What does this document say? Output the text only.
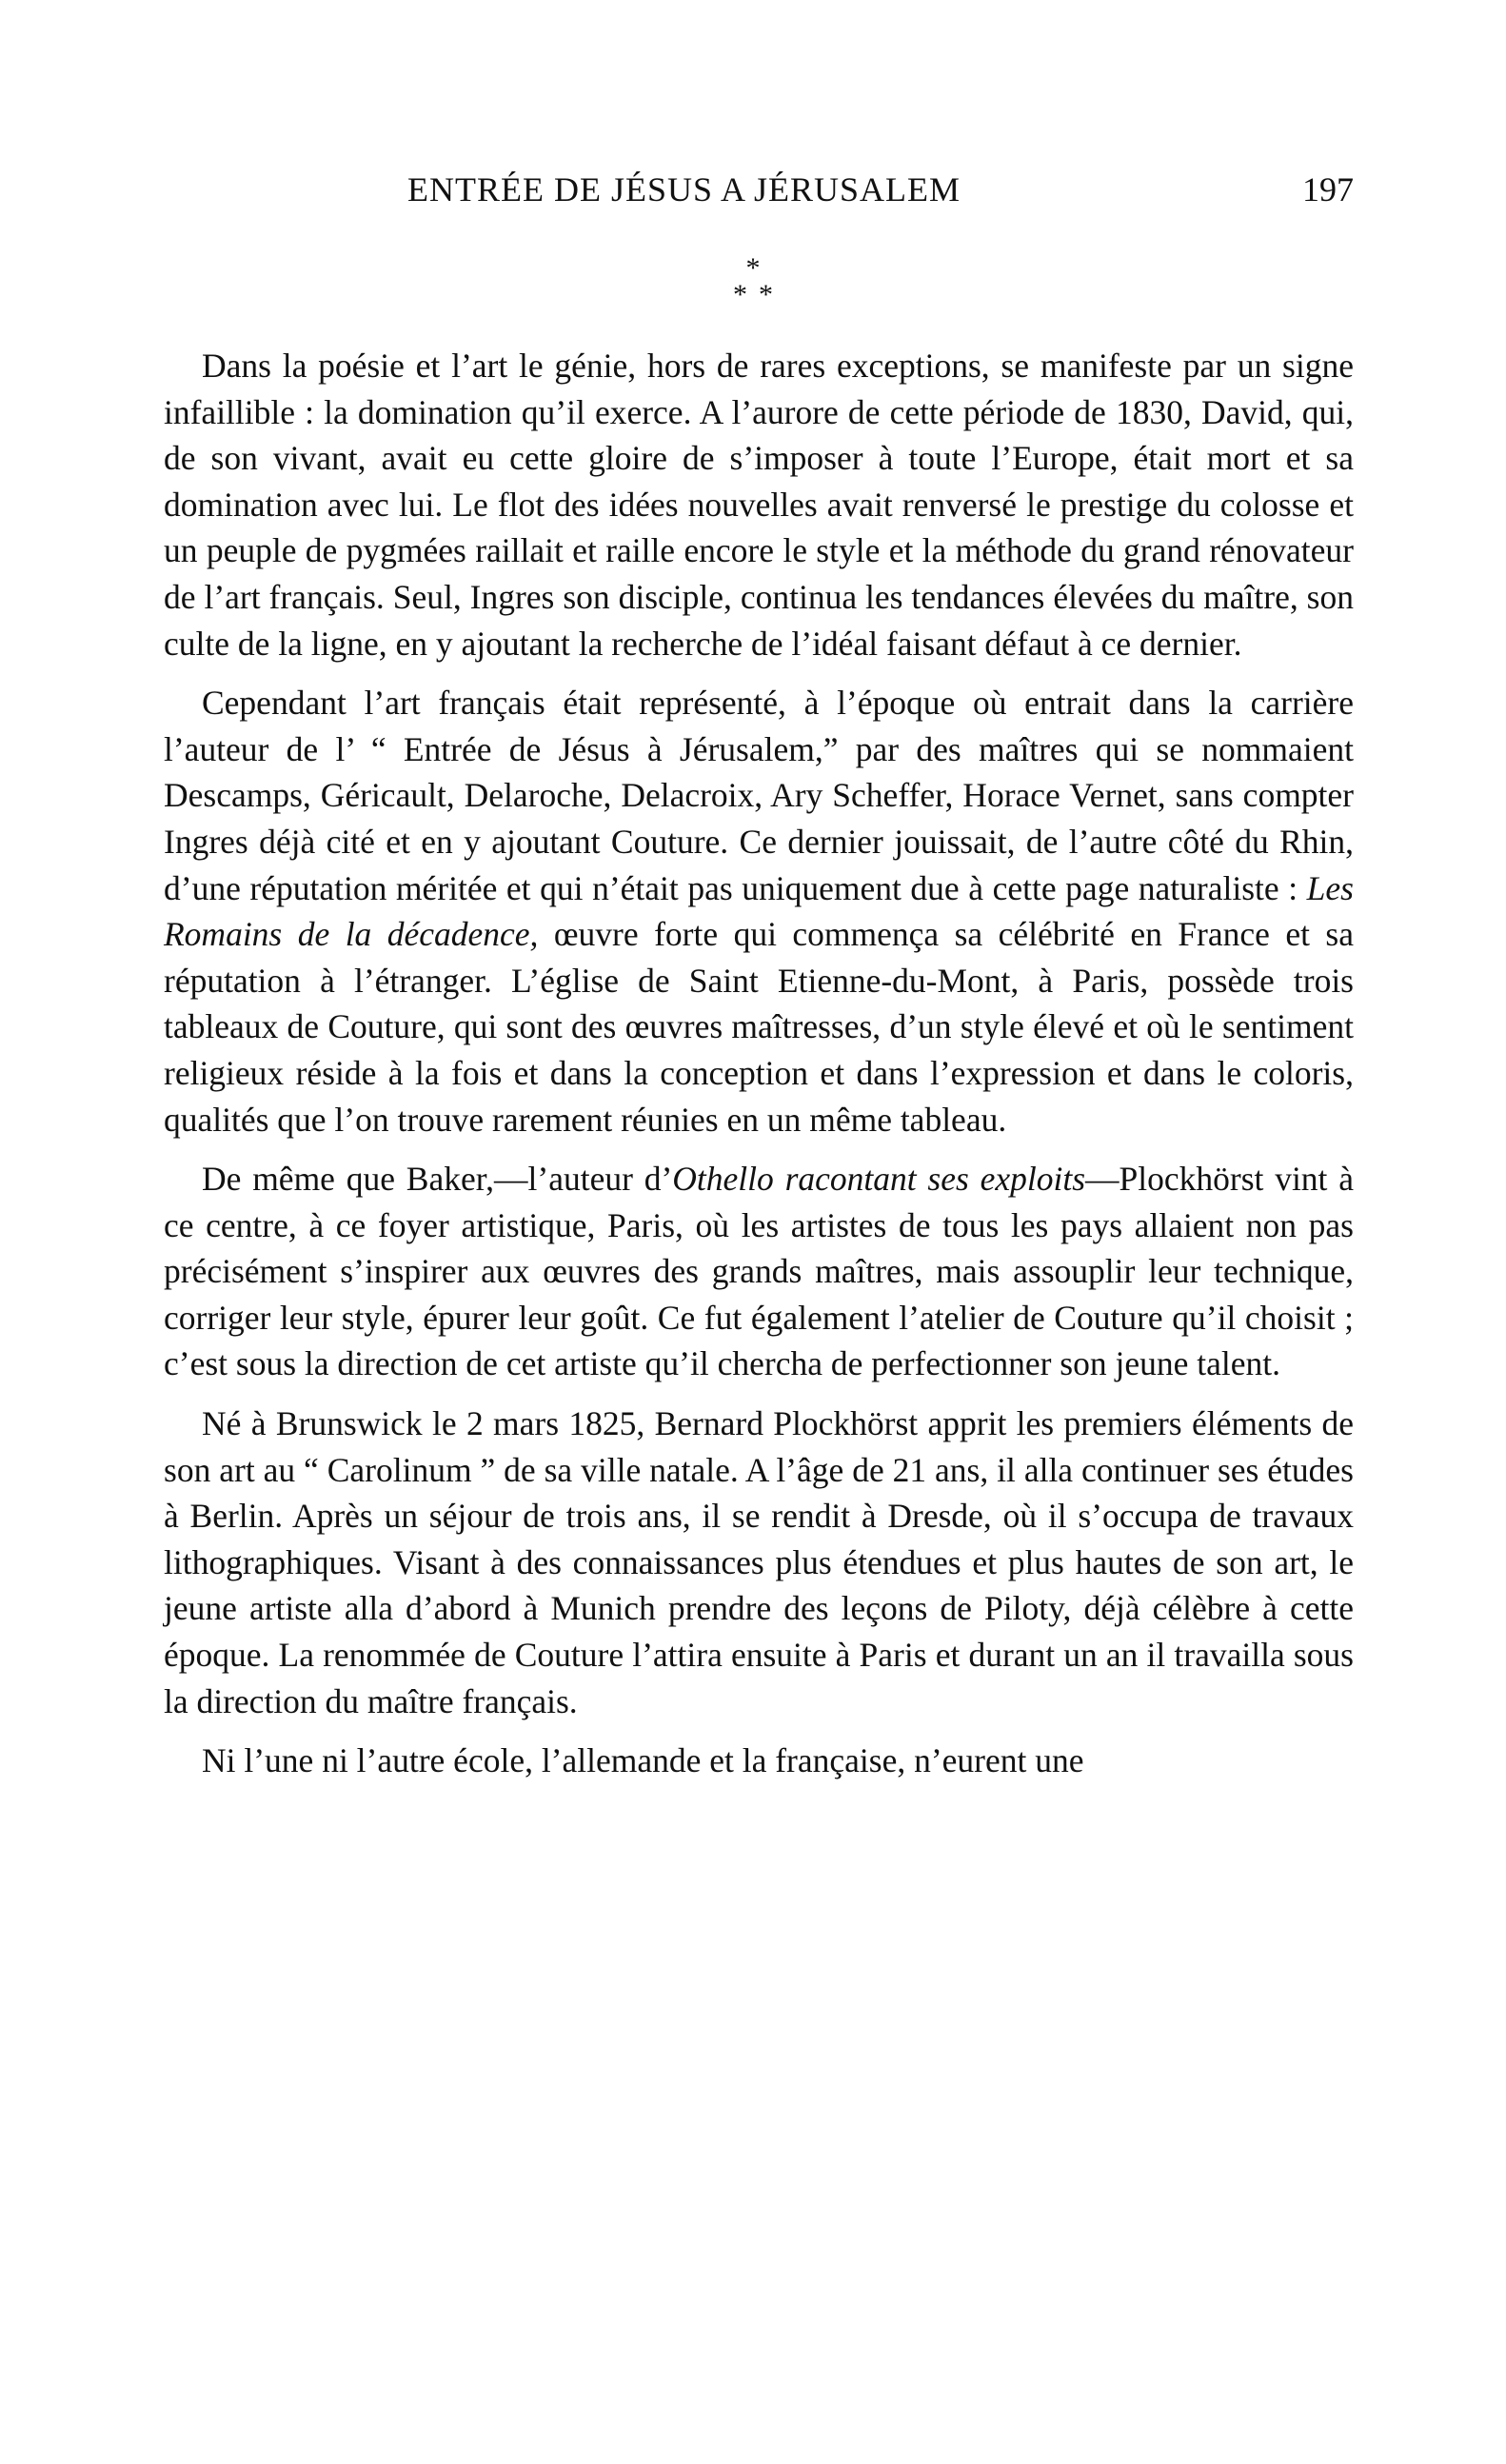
ENTRÉE DE JÉSUS A JÉRUSALEM	197
*
**

Dans la poésie et l’art le génie, hors de rares exceptions, se manifeste par un signe infaillible : la domination qu’il exerce. A l’aurore de cette période de 1830, David, qui, de son vivant, avait eu cette gloire de s’imposer à toute l’Europe, était mort et sa domination avec lui. Le flot des idées nouvelles avait renversé le prestige du colosse et un peuple de pygmées raillait et raille encore le style et la méthode du grand rénovateur de l’art français. Seul, Ingres son disciple, continua les tendances élevées du maître, son culte de la ligne, en y ajoutant la recherche de l’idéal faisant défaut à ce dernier.

Cependant l’art français était représenté, à l’époque où entrait dans la carrière l’auteur de l’ “ Entrée de Jésus à Jérusalem,” par des maîtres qui se nommaient Descamps, Géricault, Delaroche, Delacroix, Ary Scheffer, Horace Vernet, sans compter Ingres déjà cité et en y ajoutant Couture. Ce dernier jouissait, de l’autre côté du Rhin, d’une réputation méritée et qui n’était pas uniquement due à cette page naturaliste : Les Romains de la décadence, œuvre forte qui commença sa célébrité en France et sa réputation à l’étranger. L’église de Saint Etienne-du-Mont, à Paris, possède trois tableaux de Couture, qui sont des œuvres maîtresses, d’un style élevé et où le sentiment religieux réside à la fois et dans la conception et dans l’expression et dans le coloris, qualités que l’on trouve rarement réunies en un même tableau.

De même que Baker,—l’auteur d’Othello racontant ses exploits—Plockhörst vint à ce centre, à ce foyer artistique, Paris, où les artistes de tous les pays allaient non pas précisément s’inspirer aux œuvres des grands maîtres, mais assouplir leur technique, corriger leur style, épurer leur goût. Ce fut également l’atelier de Couture qu’il choisit ; c’est sous la direction de cet artiste qu’il chercha de perfectionner son jeune talent.

Né à Brunswick le 2 mars 1825, Bernard Plockhörst apprit les premiers éléments de son art au “ Carolinum ” de sa ville natale. A l’âge de 21 ans, il alla continuer ses études à Berlin. Après un séjour de trois ans, il se rendit à Dresde, où il s’occupa de travaux lithographiques. Visant à des connaissances plus étendues et plus hautes de son art, le jeune artiste alla d’abord à Munich prendre des leçons de Piloty, déjà célèbre à cette époque. La renommée de Couture l’attira ensuite à Paris et durant un an il travailla sous la direction du maître français.

Ni l’une ni l’autre école, l’allemande et la française, n’eurent une
